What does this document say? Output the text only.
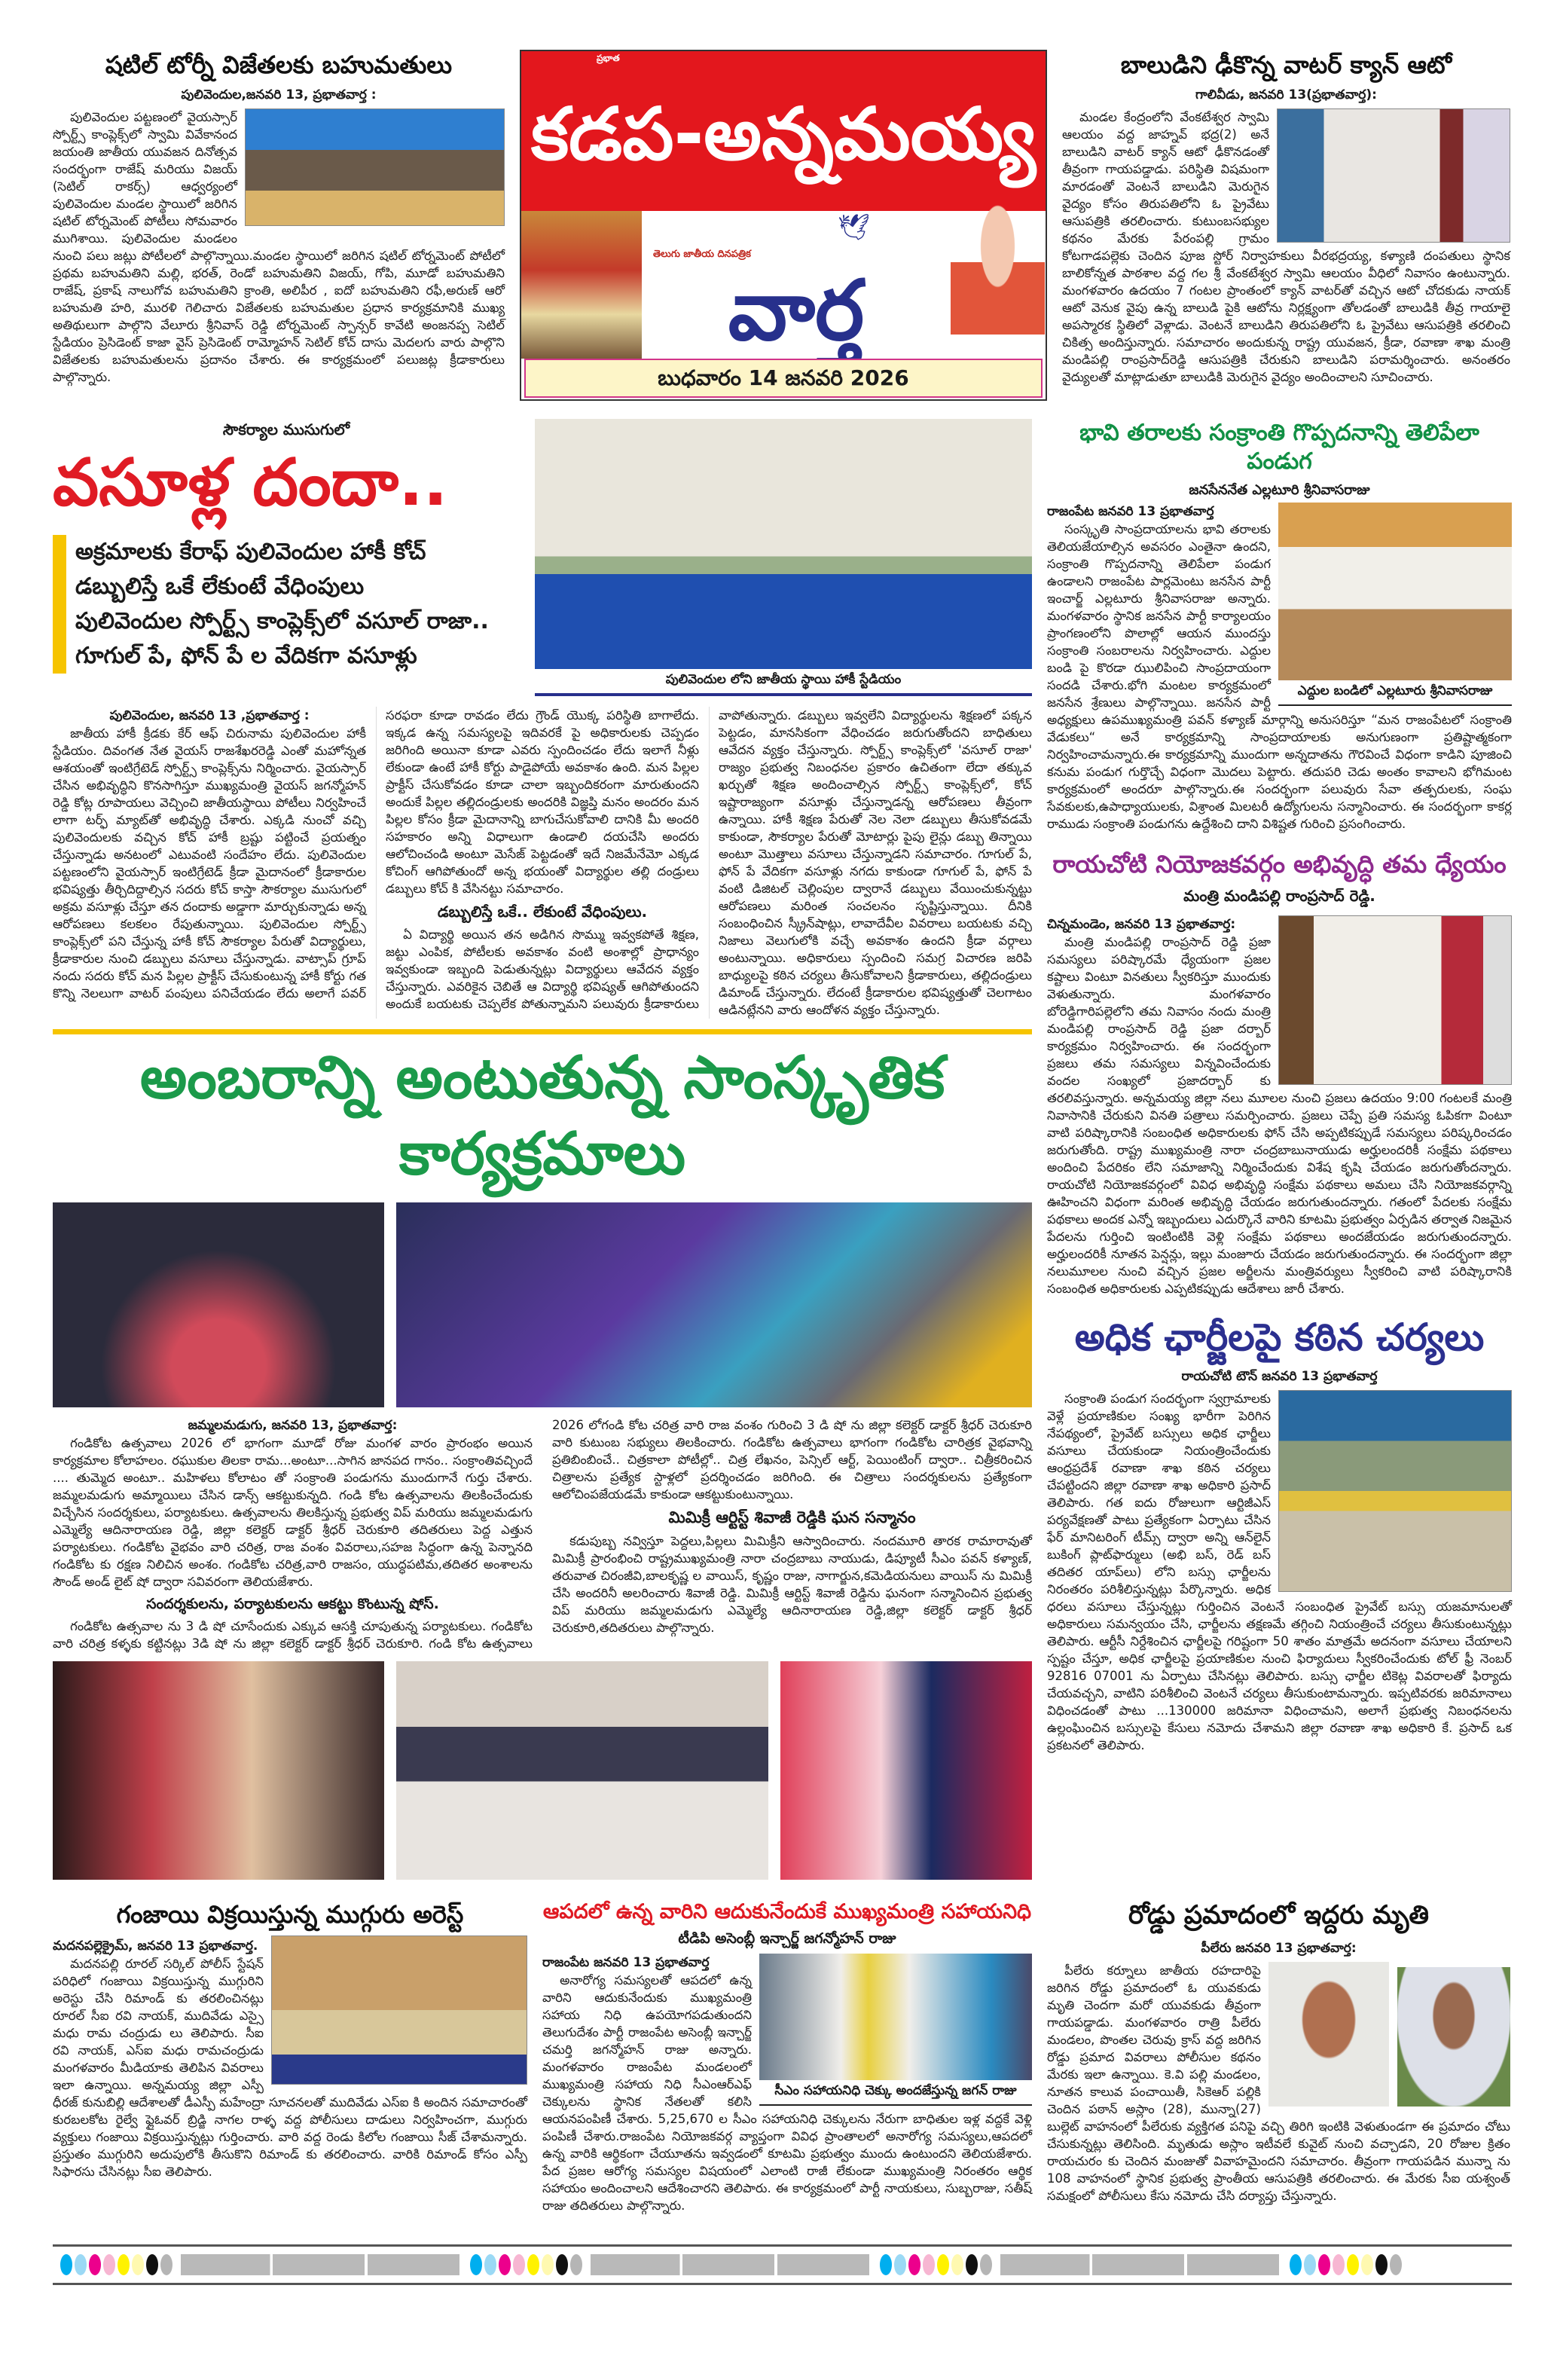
షటిల్ టోర్నీ విజేతలకు బహుమతులు
పులివెందుల,జనవరి 13, ప్రభాతవార్త :
పులివెందుల పట్టణంలో వైయస్సార్ స్పోర్ట్స్ కాంప్లెక్స్‌లో స్వామి వివేకానంద జయంతి జాతీయ యువజన దినోత్సవ సందర్భంగా రాజేష్ మరియు విజయ్ (సెటిల్ రాకర్స్) ఆధ్వర్యంలో పులివెందుల మండల స్థాయిలో జరిగిన షటిల్ టోర్నమెంట్ పోటీలు సోమవారం ముగిశాయి. పులివెందుల మండలం నుంచి పలు జట్లు పోటీలలో పాల్గొన్నాయి.మండల స్థాయిలో జరిగిన షటిల్ టోర్నమెంట్ పోటీలో ప్రథమ బహుమతిని మల్లి, భరత్, రెండో బహుమతిని విజయ్, గోపి, మూడో బహుమతిని రాజేష్, ప్రకాష్ నాలుగోవ బహుమతిని క్రాంతి, అలిపీర , ఐదో బహుమతిని రఫీ,అరుణ్ ఆరో బహుమతి హరి, మురళి గెలిచారు విజేతలకు బహుమతుల ప్రధాన కార్యక్రమానికి ముఖ్య అతిథులుగా పాల్గొని వేలూరు శ్రీనివాస్ రెడ్డి టోర్నమెంట్ స్పాన్సర్ కావేటి అంజనప్ప సెటిల్ స్టేడియం ప్రెసిడెంట్ కాజా వైస్ ప్రెసిడెంట్ రామ్మోహన్ సెటిల్ కోచ్ దాసు మెదలగు వారు పాల్గొని విజేతలకు బహుమతులను ప్రదానం చేశారు. ఈ కార్యక్రమంలో పలుజట్ల క్రీడాకారులు పాల్గొన్నారు.
ప్రభాత
కడప-అన్నమయ్య
🕊
తెలుగు జాతీయ దినపత్రిక
వార్త
బుధవారం 14 జనవరి 2026
బాలుడిని ఢీకొన్న వాటర్ క్యాన్ ఆటో
గాలివీడు, జనవరి 13(ప్రభాతవార్త):
మండల కేంద్రంలోని వేంకటేశ్వర స్వామి ఆలయం వద్ద జాహ్నవ్ భద్ర(2) అనే బాలుడిని వాటర్ క్యాన్ ఆటో ఢీకొనడంతో తీవ్రంగా గాయపడ్డాడు. పరిస్థితి విషమంగా మారడంతో వెంటనే బాలుడిని మెరుగైన వైద్యం కోసం తిరుపతిలోని ఓ ప్రైవేటు ఆసుపత్రికి తరలించారు. కుటుంబసభ్యుల కథనం మేరకు పేరంపల్లి గ్రామం కోటగాడపల్లెకు చెందిన పూజ స్టోర్ నిర్వాహకులు వీరభద్రయ్య, కళ్యాణి దంపతులు స్థానిక బాలికోన్నత పాఠశాల వద్ద గల శ్రీ వేంకటేశ్వర స్వామి ఆలయం వీధిలో నివాసం ఉంటున్నారు. మంగళవారం ఉదయం 7 గంటల ప్రాంతంలో క్యాన్ వాటర్‌తో వచ్చిన ఆటో చోదకుడు నాయక్ ఆటో వెనుక వైపు ఉన్న బాలుడి పైకి ఆటోను నిర్లక్ష్యంగా తోలడంతో బాలుడికి తీవ్ర గాయాలై అపస్మారక స్థితిలో వెళ్లాడు. వెంటనే బాలుడిని తిరుపతిలోని ఓ ప్రైవేటు ఆసుపత్రికి తరలించి చికిత్స అందిస్తున్నారు. సమాచారం అందుకున్న రాష్ట్ర యువజన, క్రీడా, రవాణా శాఖ మంత్రి మండిపల్లి రాంప్రసాద్‌రెడ్డి ఆసుపత్రికి చేరుకుని బాలుడిని పరామర్శించారు. అనంతరం వైద్యులతో మాట్లాడుతూ బాలుడికి మెరుగైన వైద్యం అందించాలని సూచించారు.
సౌకర్యాల ముసుగులో
వసూళ్ల దందా..
అక్రమాలకు కేరాఫ్ పులివెందుల హాకీ కోచ్
డబ్బులిస్తే ఒకే లేకుంటే వేధింపులు
పులివెందుల స్పోర్ట్స్ కాంప్లెక్స్‌లో వసూల్ రాజా..
గూగుల్ పే, ఫోన్ పే ల వేదికగా వసూళ్లు
పులివెందుల లోని జాతీయ స్థాయి హాకీ స్టేడియం
పులివెందుల, జనవరి 13 ,ప్రభాతవార్త :
జాతీయ హాకీ క్రీడకు కేర్ ఆఫ్ చిరునామ పులివెందుల హాకీ స్టేడియం. దివంగత నేత వైయస్ రాజశేఖరరెడ్డి ఎంతో మహోన్నత ఆశయంతో ఇంటిగ్రేటెడ్ స్పోర్ట్స్ కాంప్లెక్స్‌ను నిర్మించారు. వైయస్సార్ చేసిన అభివృద్ధిని కొనసాగిస్తూ ముఖ్యమంత్రి వైయస్ జగన్మోహన్ రెడ్డి కోట్ల రూపాయలు వెచ్చించి జాతీయస్థాయి పోటీలు నిర్వహించే లాగా టర్ఫ్ మ్యాట్‌తో అభివృద్ధి చేశారు. ఎక్కడి నుంచో వచ్చి పులివెందులకు వచ్చిన కోచ్ హాకీ బ్రష్టు పట్టించే ప్రయత్నం చేస్తున్నాడు అనటంలో ఎటువంటి సందేహం లేదు. పులివెందుల పట్టణంలోని వైయస్సార్ ఇంటిగ్రేటెడ్ క్రీడా మైదానంలో క్రీడాకారుల భవిష్యత్తు తీర్చిదిద్దాల్సిన సదరు కోచ్ కాస్తా సౌకర్యాల ముసుగులో అక్రమ వసూళ్లు చేస్తూ తన దందాకు అడ్డాగా మార్చుకున్నాడు అన్న ఆరోపణలు కలకలం రేపుతున్నాయి. పులివెందుల స్పోర్ట్స్ కాంప్లెక్స్‌లో పని చేస్తున్న హాకీ కోచ్ సౌకర్యాల పేరుతో విద్యార్థులు, క్రీడాకారుల నుంచి డబ్బులు వసూలు చేస్తున్నాడు. వాట్సాప్ గ్రూప్ నందు సదరు కోచ్ మన పిల్లల ప్రాక్టీస్ చేసుకుంటున్న హాకీ కోర్టు గత కొన్ని నెలలుగా వాటర్ పంపులు పనిచేయడం లేదు అలాగే పవర్ సరఫరా కూడా రావడం లేదు గ్రౌండ్ యొక్క పరిస్థితి బాగాలేదు. ఇక్కడ ఉన్న సమస్యలపై ఇదివరకే పై అధికారులకు చెప్పడం జరిగింది అయినా కూడా ఎవరు స్పందించడం లేదు ఇలాగే నీళ్లు లేకుండా ఉంటే హాకీ కోర్టు పాడైపోయే అవకాశం ఉంది. మన పిల్లల ప్రాక్టీస్ చేసుకోవడం కూడా చాలా ఇబ్బందికరంగా మారుతుందని అందుకే పిల్లల తల్లిదండ్రులకు అందరికి విజ్ఞప్తి మనం అందరం మన పిల్లల కోసం క్రీడా మైదానాన్ని బాగుచేసుకోవాలి దానికి మీ అందరి సహకారం అన్ని విధాలుగా ఉండాలి దయచేసి అందరు ఆలోచించండి అంటూ మెసేజ్ పెట్టడంతో ఇదే నిజమేనేమో ఎక్కడ కోచింగ్ ఆగిపోతుందో అన్న భయంతో విద్యార్థుల తల్లి దండ్రులు డబ్బులు కోచ్ కి వేసినట్టు సమాచారం.
డబ్బులిస్తే ఒకే.. లేకుంటే వేధింపులు.
ఏ విద్యార్థి అయిన తన అడిగిన సొమ్ము ఇవ్వకపోతే శిక్షణ, జట్టు ఎంపిక, పోటీలకు అవకాశం వంటి అంశాల్లో ప్రాధాన్యం ఇవ్వకుండా ఇబ్బంది పెడుతున్నట్లు విద్యార్థులు ఆవేదన వ్యక్తం చేస్తున్నారు. ఎవరికైన చెబితే ఆ విద్యార్థి భవిష్యత్ ఆగిపోతుందని అందుకే బయటకు చెప్పలేక పోతున్నామని పలువురు క్రీడాకారులు వాపోతున్నారు. డబ్బులు ఇవ్వలేని విద్యార్థులను శిక్షణలో పక్కన పెట్టడం, మానసికంగా వేధించడం జరుగుతోందని బాధితులు ఆవేదన వ్యక్తం చేస్తున్నారు. స్పోర్ట్స్ కాంప్లెక్స్‌లో 'వసూల్ రాజా' రాజ్యం ప్రభుత్వ నిబంధనల ప్రకారం ఉచితంగా లేదా తక్కువ ఖర్చుతో శిక్షణ అందించాల్సిన స్పోర్ట్స్ కాంప్లెక్స్‌లో, కోచ్ ఇష్టారాజ్యంగా వసూళ్లు చేస్తున్నాడన్న ఆరోపణలు తీవ్రంగా ఉన్నాయి. హాకీ శిక్షణ పేరుతో నెల నెలా డబ్బులు తీసుకోవడమే కాకుండా, సౌకర్యాల పేరుతో మోటార్లు పైపు లైన్లు డబ్బు తిన్నాయి అంటూ మొత్తాలు వసూలు చేస్తున్నాడని సమాచారం. గూగుల్ పే, ఫోన్ పే వేదికగా వసూళ్లు నగదు కాకుండా గూగుల్ పే, ఫోన్ పే వంటి డిజిటల్ చెల్లింపుల ద్వారానే డబ్బులు వేయించుకున్నట్టు ఆరోపణలు మరింత సంచలనం సృష్టిస్తున్నాయి. దీనికి సంబంధించిన స్క్రీన్‌షాట్లు, లావాదేవీల వివరాలు బయటకు వచ్చి నిజాలు వెలుగులోకి వచ్చే అవకాశం ఉందని క్రీడా వర్గాలు అంటున్నాయి. అధికారులు స్పందించి సమగ్ర విచారణ జరిపి బాధ్యులపై కఠిన చర్యలు తీసుకోవాలని క్రీడాకారులు, తల్లిదండ్రులు డిమాండ్ చేస్తున్నారు. లేదంటే క్రీడాకారుల భవిష్యత్తుతో చెలగాటం ఆడినట్లేనని వారు ఆందోళన వ్యక్తం చేస్తున్నారు.
అంబరాన్ని అంటుతున్న సాంస్కృతిక కార్యక్రమాలు
జమ్మలమడుగు, జనవరి 13, ప్రభాతవార్త:
గండికోట ఉత్సవాలు 2026 లో భాగంగా మూడో రోజు మంగళ వారం ప్రారంభం అయిన కార్యక్రమాల కోలాహలం. రఘుకుల తిలకా రామ...అంటూ...సాగిన జానపద గానం.. సంక్రాంతివచ్చిందే .... తుమ్మెద అంటూ.. మహిళలు కోలాటం తో సంక్రాంతి పండుగను ముందుగానే గుర్తు చేశారు. జమ్మలమడుగు అమ్మాయిలు చేసిన డాన్స్ ఆకట్టుకున్నది. గండి కోట ఉత్సవాలను తిలకించేందుకు విచ్చేసిన సందర్శకులు, పర్యాటకులు. ఉత్సవాలను తిలకిస్తున్న ప్రభుత్వ విప్ మరియు జమ్మలమడుగు ఎమ్మెల్యే ఆదినారాయణ రెడ్డి, జిల్లా కలెక్టర్ డాక్టర్ శ్రీధర్ చెరుకూరి తదితరులు పెద్ద ఎత్తున పర్యాటకులు. గండికోట వైభవం వారి చరిత్ర, రాజ వంశం వివరాలు,సహజ సిద్ధంగా ఉన్న పెన్నానది గండికోట కు రక్షణ నిలిచిన అంశం. గండికోట చరిత్ర,వారి రాజసం, యుద్ధపటిమ,తదితర అంశాలను సౌండ్ అండ్ లైట్ షో ద్వారా సవివరంగా తెలియజేశారు.
సందర్శకులను, పర్యాటకులను ఆకట్టు కొంటున్న షోస్.
గండికోట ఉత్సవాల ను 3 డి షో చూసేందుకు ఎక్కువ ఆసక్తి చూపుతున్న పర్యాటకులు. గండికోట వారి చరిత్ర కళ్ళకు కట్టినట్లు 3డి షో ను జిల్లా కలెక్టర్ డాక్టర్ శ్రీధర్ చెరుకూరి. గండి కోట ఉత్సవాలు 2026 లోగండి కోట చరిత్ర వారి రాజ వంశం గురించి 3 డి షో ను జిల్లా కలెక్టర్ డాక్టర్ శ్రీధర్ చెరుకూరి వారి కుటుంబ సభ్యులు తిలకించారు. గండికోట ఉత్సవాలు భాగంగా గండికోట చారిత్రక వైభవాన్ని ప్రతిబింబించే.. చిత్రకాలా పోటీల్లో.. చిత్ర లేఖనం, పెన్సిల్ ఆర్ట్, పెయింటింగ్ ద్వారా.. చిత్రీకరించిన చిత్రాలను ప్రత్యేక స్టాళ్లలో ప్రదర్శించడం జరిగింది. ఈ చిత్రాలు సందర్శకులను ప్రత్యేకంగా ఆలోచింపజేయడమే కాకుండా ఆకట్టుకుంటున్నాయి.
మిమిక్రీ ఆర్టిస్ట్ శివాజీ రెడ్డికి ఘన సన్మానం
కడుపుబ్బ నవ్విస్తూ పెద్దలు,పిల్లలు మిమిక్రీని ఆస్వాదించారు. నందమూరి తారక రామారావుతో మిమిక్రీ ప్రారంభించి రాష్ట్రముఖ్యమంత్రి నారా చంద్రబాబు నాయుడు, డిప్యూటీ సీఎం పవన్ కళ్యాణ్, తరువాత చిరంజీవి,బాలకృష్ణ ల వాయిస్, కృష్ణం రాజు, నాగార్జున,కమెడియనులు వాయిస్ ను మిమిక్రీ చేసి అందరినీ అలరించారు శివాజీ రెడ్డి. మిమిక్రీ ఆర్టిస్ట్ శివాజీ రెడ్డిను ఘనంగా సన్మానించిన ప్రభుత్వ విప్ మరియు జమ్మలమడుగు ఎమ్మెల్యే ఆదినారాయణ రెడ్డి,జిల్లా కలెక్టర్ డాక్టర్ శ్రీధర్ చెరుకూరి,తదితరులు పాల్గొన్నారు.
భావి తరాలకు సంక్రాంతి గొప్పదనాన్ని తెలిపేలా పండుగ
జనసేననేత ఎల్లటూరి శ్రీనివాసరాజు
ఎద్దుల బండిలో ఎల్లటూరు శ్రీనివాసరాజు
రాజంపేట జనవరి 13 ప్రభాతవార్త
సంస్కృతి సాంప్రదాయాలను భావి తరాలకు తెలియజేయాల్సిన అవసరం ఎంతైనా ఉందని, సంక్రాంతి గొప్పదనాన్ని తెలిపేలా పండుగ ఉండాలని రాజంపేట పార్లమెంటు జనసేన పార్టీ ఇంచార్జ్ ఎల్లటూరు శ్రీనివాసరాజు అన్నారు. మంగళవారం స్థానిక జనసేన పార్టీ కార్యాలయం ప్రాంగణంలోని పొలాల్లో ఆయన ముందస్తు సంక్రాంతి సంబరాలను నిర్వహించారు. ఎద్దుల బండి పై కొరడా ఝులిపించి సాంప్రదాయంగా సందడి చేశారు.భోగి మంటల కార్యక్రమంలో జనసేన శ్రేణులు పాల్గొన్నాయి. జనసేన పార్టీ అధ్యక్షులు ఉపముఖ్యమంత్రి పవన్ కళ్యాణ్ మార్గాన్ని అనుసరిస్తూ “మన రాజంపేటలో సంక్రాంతి వేడుకలు“ అనే కార్యక్రమాన్ని సాంప్రదాయాలకు అనుగుణంగా ప్రతిష్టాత్మకంగా నిర్వహించామన్నారు.ఈ కార్యక్రమాన్ని ముందుగా అన్నదాతను గౌరవించే విధంగా కాడిని పూజించి కనుమ పండుగ గుర్తొచ్చే విధంగా మొదలు పెట్టారు. తదుపరి చెడు అంతం కావాలని భోగిమంట కార్యక్రమంలో అందరూ పాల్గొన్నారు.ఈ సందర్భంగా పలువురు సేవా తత్పరులకు, సంఘ సేవకులకు,ఉపాధ్యాయులకు, విశ్రాంత మిలటరీ ఉద్యోగులను సన్మానించారు. ఈ సందర్భంగా కాకర్ల రాముడు సంక్రాంతి పండుగను ఉద్దేశించి దాని విశిష్టత గురించి ప్రసంగించారు.
రాయచోటి నియోజకవర్గం అభివృద్ధి తమ ధ్యేయం
మంత్రి మండిపల్లి రాంప్రసాద్ రెడ్డి.
చిన్నమండెం, జనవరి 13 ప్రభాతవార్త:
మంత్రి మండిపల్లి రాంప్రసాద్ రెడ్డి ప్రజా సమస్యలు పరిష్కారమే ధ్యేయంగా ప్రజల కష్టాలు వింటూ వినతులు స్వీకరిస్తూ ముందుకు వెళుతున్నారు. మంగళవారం బోరెడ్డిగారిపల్లెలోని తమ నివాసం నందు మంత్రి మండిపల్లి రాంప్రసాద్ రెడ్డి ప్రజా దర్బార్ కార్యక్రమం నిర్వహించారు. ఈ సందర్భంగా ప్రజలు తమ సమస్యలు విన్నవించేందుకు వందల సంఖ్యలో ప్రజాదర్బార్ కు తరలివస్తున్నారు. అన్నమయ్య జిల్లా నలు మూలల నుంచి ప్రజలు ఉదయం 9:00 గంటలకే మంత్రి నివాసానికి చేరుకుని వినతి పత్రాలు సమర్పించారు. ప్రజలు చెప్పే ప్రతి సమస్య ఓపికగా వింటూ వాటి పరిష్కారానికి సంబంధిత అధికారులకు ఫోన్ చేసి అప్పటికప్పుడే సమస్యలు పరిష్కరించడం జరుగుతోంది. రాష్ట్ర ముఖ్యమంత్రి నారా చంద్రబాబునాయుడు అర్హులందరికీ సంక్షేమ పథకాలు అందించి పేదరికం లేని సమాజాన్ని నిర్మించేందుకు విశేష కృషి చేయడం జరుగుతోందన్నారు. రాయచోటి నియోజకవర్గంలో వివిధ అభివృద్ధి సంక్షేమ పథకాలు అమలు చేసి నియోజకవర్గాన్ని ఊహించని విధంగా మరింత అభివృద్ధి చేయడం జరుగుతుందన్నారు. గతంలో పేదలకు సంక్షేమ పథకాలు అందక ఎన్నో ఇబ్బందులు ఎదుర్కొనే వారిని కూటమి ప్రభుత్వం ఏర్పడిన తర్వాత నిజమైన పేదలను గుర్తించి ఇంటింటికి వెళ్లి సంక్షేమ పథకాలు అందజేయడం జరుగుతుందన్నారు. అర్హులందరికీ నూతన పెన్షన్లు, ఇల్లు మంజూరు చేయడం జరుగుతుందన్నారు. ఈ సందర్భంగా జిల్లా నలుమూలల నుంచి వచ్చిన ప్రజల అర్జీలను మంత్రివర్యులు స్వీకరించి వాటి పరిష్కారానికి సంబంధిత అధికారులకు ఎప్పటికప్పుడు ఆదేశాలు జారీ చేశారు.
అధిక ఛార్జీలపై కఠిన చర్యలు
రాయచోటి టౌన్ జనవరి 13 ప్రభాతవార్త
సంక్రాంతి పండుగ సందర్భంగా స్వగ్రామాలకు వెళ్లే ప్రయాణికుల సంఖ్య భారీగా పెరిగిన నేపథ్యంలో, ప్రైవేట్ బస్సులు అధిక ఛార్జీలు వసూలు చేయకుండా నియంత్రించేందుకు ఆంధ్రప్రదేశ్ రవాణా శాఖ కఠిన చర్యలు చేపట్టిందని జిల్లా రవాణా శాఖ అధికారి ప్రసాద్ తెలిపారు. గత ఐదు రోజులుగా ఆర్టిజీఎస్ పర్యవేక్షణతో పాటు ప్రత్యేకంగా ఏర్పాటు చేసిన ఫేర్ మానిటరింగ్ టీమ్స్ ద్వారా అన్ని ఆన్‌లైన్ బుకింగ్ ప్లాట్‌ఫార్ములు (అభి బస్, రెడ్ బస్ తదితర యాప్‌లు) లోని బస్సు ఛార్జీలను నిరంతరం పరిశీలిస్తున్నట్లు పేర్కొన్నారు. అధిక ధరలు వసూలు చేస్తున్నట్లు గుర్తించిన వెంటనే సంబంధిత ప్రైవేట్ బస్సు యజమానులతో అధికారులు సమన్వయం చేసి, ఛార్జీలను తక్షణమే తగ్గించి నియంత్రించే చర్యలు తీసుకుంటున్నట్లు తెలిపారు. ఆర్టీసీ నిర్దేశించిన ఛార్జీలపై గరిష్టంగా 50 శాతం మాత్రమే అదనంగా వసూలు చేయాలని స్పష్టం చేస్తూ, అధిక ఛార్జీలపై ప్రయాణికుల నుంచి ఫిర్యాదులు స్వీకరించేందుకు టోల్ ఫ్రీ నెంబర్ 92816 07001 ను ఏర్పాటు చేసినట్లు తెలిపారు. బస్సు ఛార్జీల టికెట్ల వివరాలతో ఫిర్యాదు చేయవచ్చని, వాటిని పరిశీలించి వెంటనే చర్యలు తీసుకుంటామన్నారు. ఇప్పటివరకు జరిమానాలు విధించడంతో పాటు ...130000 జరిమానా విధించామని, అలాగే ప్రభుత్వ నిబంధనలను ఉల్లంఘించిన బస్సులపై కేసులు నమోదు చేశామని జిల్లా రవాణా శాఖ అధికారి కే. ప్రసాద్ ఒక ప్రకటనలో తెలిపారు.
గంజాయి విక్రయిస్తున్న ముగ్గురు అరెస్ట్
మదనపల్లెక్రైమ్, జనవరి 13 ప్రభాతవార్త.
మదనపల్లి రూరల్ సర్కిల్ పోలీస్ స్టేషన్ పరిధిలో గంజాయి విక్రయిస్తున్న ముగ్గురిని అరెస్టు చేసి రిమాండ్ కు తరలించినట్లు రూరల్ సీఐ రవి నాయక్, ముదివేడు ఎస్సై మధు రామ చంద్రుడు లు తెలిపారు. సీఐ రవి నాయక్, ఎస్ఐ మధు రామచంద్రుడు మంగళవారం మీడియాకు తెలిపిన వివరాలు ఇలా ఉన్నాయి. అన్నమయ్య జిల్లా ఎస్పీ ధీరజ్ కునుబిల్లి ఆదేశాలతో డీఎస్పీ మహేంద్రా సూచనలతో ముదివేడు ఎస్ఐ కి అందిన సమాచారంతో కురబలకోట రైల్వే ఫ్లైఓవర్ బ్రిడ్జి నాగల రాళ్ళ వద్ద పోలీసులు దాడులు నిర్వహించగా, ముగ్గురు వ్యక్తులు గంజాయి విక్రయిస్తున్నట్లు గుర్తించారు. వారి వద్ద రెండు కిలోల గంజాయి సీజ్ చేశామన్నారు. ప్రస్తుతం ముగ్గురిని అదుపులోకి తీసుకొని రిమాండ్ కు తరలించారు. వారికి రిమాండ్ కోసం ఎస్పీ సిఫారసు చేసినట్లు సీఐ తెలిపారు.
ఆపదలో ఉన్న వారిని ఆదుకునేందుకే ముఖ్యమంత్రి సహాయనిధి
టీడిపి అసెంబ్లీ ఇన్చార్జ్ జగన్మోహన్ రాజు
సీఎం సహాయనిధి చెక్కు అందజేస్తున్న జగన్ రాజు
రాజంపేట జనవరి 13 ప్రభాతవార్త
అనారోగ్య సమస్యలతో ఆపదలో ఉన్న వారిని ఆదుకునేందుకు ముఖ్యమంత్రి సహాయ నిధి ఉపయోగపడుతుందని తెలుగుదేశం పార్టీ రాజంపేట అసెంబ్లీ ఇన్చార్జ్ చమర్తి జగన్మోహన్ రాజు అన్నారు. మంగళవారం రాజంపేట మండలంలో ముఖ్యమంత్రి సహాయ నిధి సీఎంఆర్ఎఫ్ చెక్కులను స్థానిక నేతలతో కలిసి ఆయనపంపిణీ చేశారు. 5,25,670 ల సీఎం సహాయనిధి చెక్కులను నేరుగా బాధితుల ఇళ్ల వద్దకే వెళ్లి పంపిణీ చేశారు.రాజంపేట నియోజకవర్గ వ్యాప్తంగా వివిధ ప్రాంతాలలో అనారోగ్య సమస్యలు,ఆపదలో ఉన్న వారికి ఆర్థికంగా చేయూతను ఇవ్వడంలో కూటమి ప్రభుత్వం ముందు ఉంటుందని తెలియజేశారు. పేద ప్రజల ఆరోగ్య సమస్యల విషయంలో ఎలాంటి రాజీ లేకుండా ముఖ్యమంత్రి నిరంతరం ఆర్థిక సహాయం అందించాలని ఆదేశించారని తెలిపారు. ఈ కార్యక్రమంలో పార్టీ నాయకులు, సుబ్బరాజు, సతీష్ రాజు తదితరులు పాల్గొన్నారు.
రోడ్డు ప్రమాదంలో ఇద్దరు మృతి
పీలేరు జనవరి 13 ప్రభాతవార్త:

పీలేరు కర్నూలు జాతీయ రహదారిపై జరిగిన రోడ్డు ప్రమాదంలో ఓ యువకుడు మృతి చెందగా మరో యువకుడు తీవ్రంగా గాయపడ్డాడు. మంగళవారం రాత్రి పీలేరు మండలం, పొంతల చెరువు క్రాస్ వద్ద జరిగిన రోడ్డు ప్రమాద వివరాలు పోలీసుల కథనం మేరకు ఇలా ఉన్నాయి. కె.వి పల్లి మండలం, నూతన కాలువ పంచాయితీ, సికెఆర్ పల్లికి చెందిన పఠాన్ అస్లాం (28), మున్నా(27) బుల్లెట్ వాహనంలో పీలేరుకు వ్యక్తిగత పనిపై వచ్చి తిరిగి ఇంటికి వెళుతుండగా ఈ ప్రమాదం చోటు చేసుకున్నట్లు తెలిసింది. మృతుడు అస్లాం ఇటీవలే కువైట్ నుంచి వచ్చాడని, 20 రోజుల క్రితం రాయచురం కు చెందిన మంజుతో వివాహమైందని సమాచారం. తీవ్రంగా గాయపడిన మున్నా ను 108 వాహనంలో స్థానిక ప్రభుత్వ ప్రాంతీయ ఆసుపత్రికి తరలించారు. ఈ మేరకు సీఐ యశ్వంత్ సమక్షంలో పోలీసులు కేసు నమోదు చేసి దర్యాప్తు చేస్తున్నారు.
